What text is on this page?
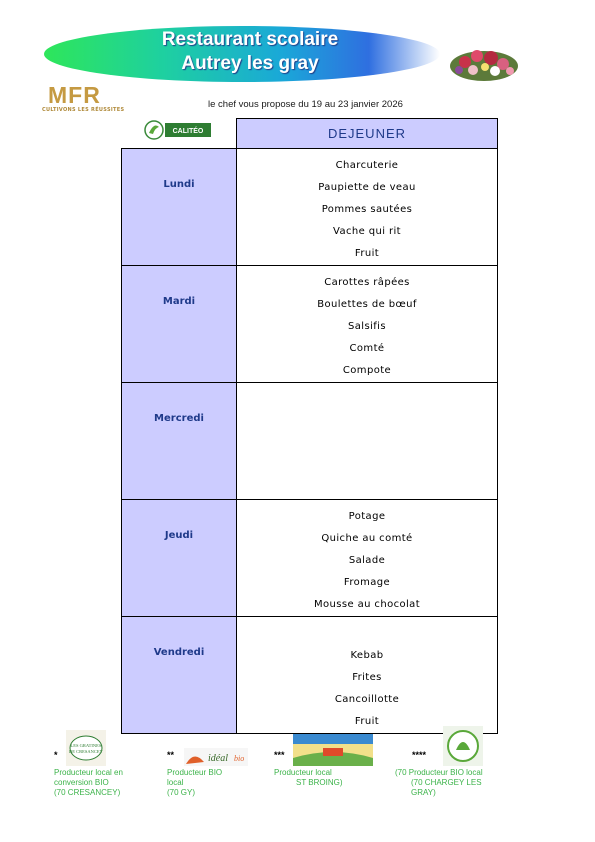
Restaurant scolaire
Autrey les gray
MFR
CULTIVONS LES RÉUSSITES	le chef vous propose du 19 au 23 janvier 2026
	DEJEUNER
Lundi	Charcuterie
Paupiette de veau
Pommes sautées
Vache qui rit
Fruit

Mardi	Carottes râpées
Boulettes de bœuf
Salsifis
Comté
Compote

Mercredi	

Jeudi	Potage
Quiche au comté
Salade
Fromage
Mousse au chocolat

Vendredi	Kebab
Frites
Cancoillotte
Fruit
CALITÉO
*
LES GRATINES
DE CRESANCEY
Producteur local en
conversion BIO
(70 CRESANCEY)
**	idéal bio
Producteur BIO
local
(70 GY)
***
Producteur local
ST BROING)
****
(70 Producteur BIO local
(70 CHARGEY LES
GRAY)
